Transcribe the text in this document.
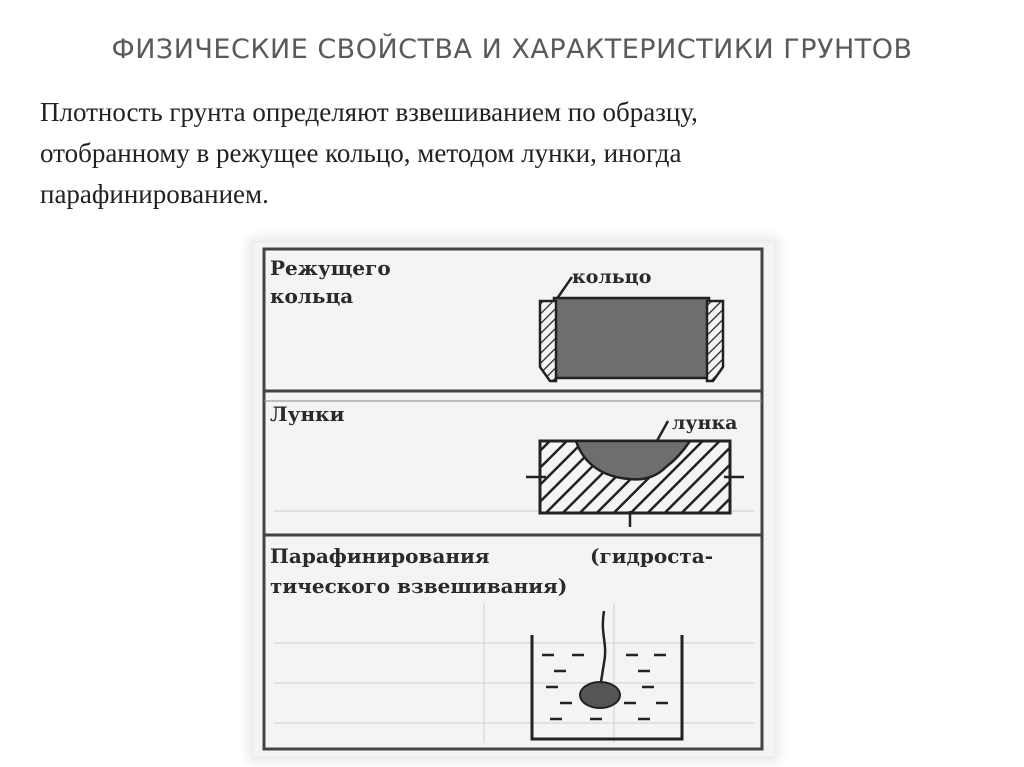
ФИЗИЧЕСКИЕ СВОЙСТВА И ХАРАКТЕРИСТИКИ ГРУНТОВ

Плотность грунта определяют взвешиванием по образцу,
отобранному в режущее кольцо, методом лунки, иногда
парафинированием.

Режущего
кольца
кольцо
Лунки	лунка
Парафинирования	(гидроста-
тического взвешивания)
